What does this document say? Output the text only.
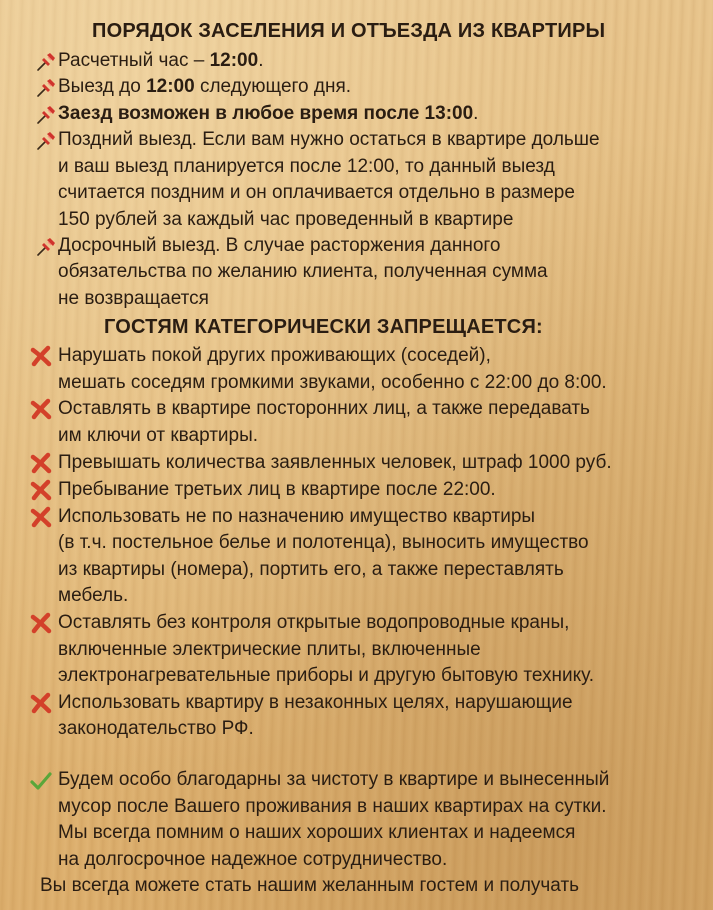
ПОРЯДОК ЗАСЕЛЕНИЯ И ОТЪЕЗДА ИЗ КВАРТИРЫ

Расчетный час – 12:00.

Выезд до 12:00 следующего дня.

Заезд возможен в любое время после 13:00.

Поздний выезд. Если вам нужно остаться в квартире дольше
и ваш выезд планируется после 12:00, то данный выезд
считается поздним и он оплачивается отдельно в размере
150 рублей за каждый час проведенный в квартире

Досрочный выезд. В случае расторжения данного
обязательства по желанию клиента, полученная сумма
не возвращается

ГОСТЯМ КАТЕГОРИЧЕСКИ ЗАПРЕЩАЕТСЯ:

Нарушать покой других проживающих (соседей),
мешать соседям громкими звуками, особенно с 22:00 до 8:00.

Оставлять в квартире посторонних лиц, а также передавать
им ключи от квартиры.

Превышать количества заявленных человек, штраф 1000 руб.

Пребывание третьих лиц в квартире после 22:00.

Использовать не по назначению имущество квартиры
(в т.ч. постельное белье и полотенца), выносить имущество
из квартиры (номера), портить его, а также переставлять
мебель.

Оставлять без контроля открытые водопроводные краны,
включенные электрические плиты, включенные
электронагревательные приборы и другую бытовую технику.

Использовать квартиру в незаконных целях, нарушающие
законодательство РФ.

Будем особо благодарны за чистоту в квартире и вынесенный
мусор после Вашего проживания в наших квартирах на сутки.
Мы всегда помним о наших хороших клиентах и надеемся
на долгосрочное надежное сотрудничество.

Вы всегда можете стать нашим желанным гостем и получать
